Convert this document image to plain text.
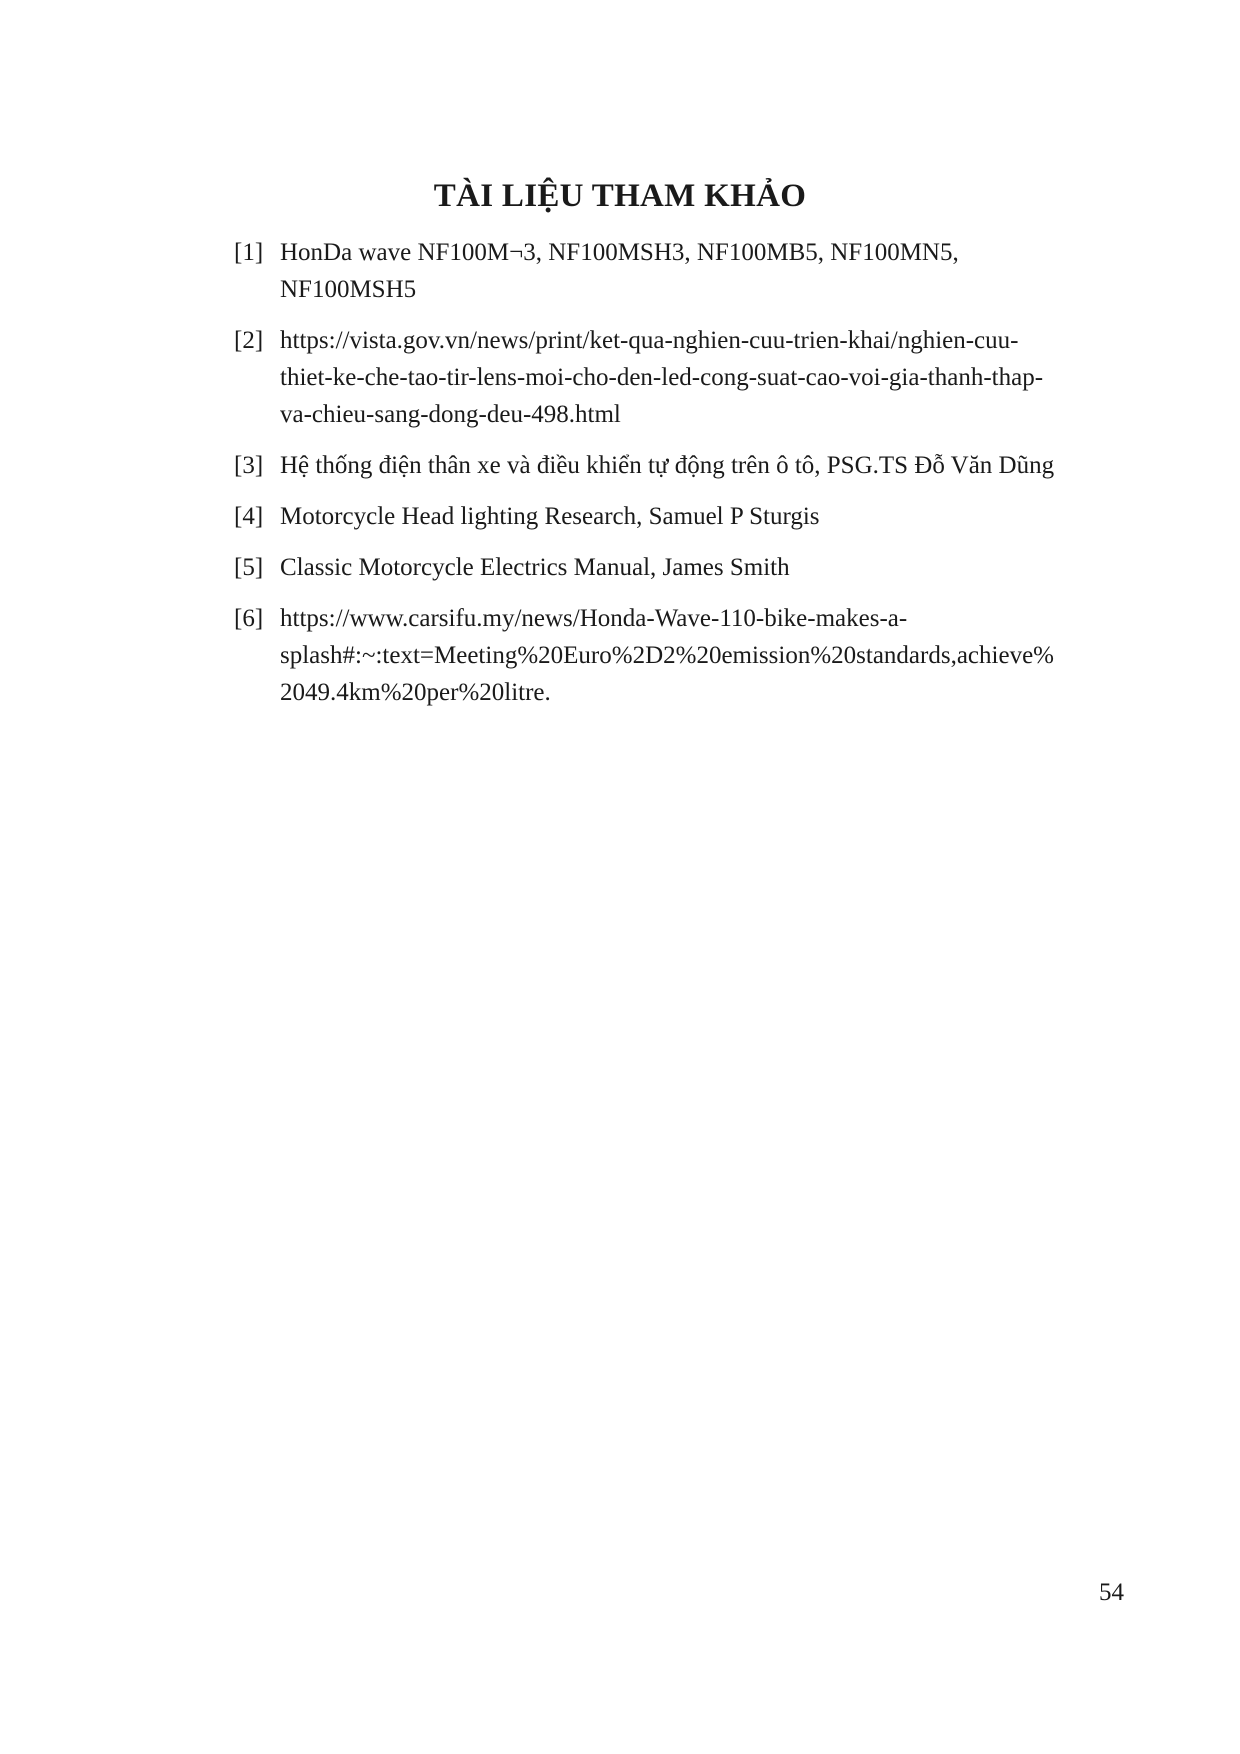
TÀI LIỆU THAM KHẢO
[1] HonDa wave NF100M¬3, NF100MSH3, NF100MB5, NF100MN5,
NF100MSH5
[2] https://vista.gov.vn/news/print/ket-qua-nghien-cuu-trien-khai/nghien-cuu-
thiet-ke-che-tao-tir-lens-moi-cho-den-led-cong-suat-cao-voi-gia-thanh-thap-
va-chieu-sang-dong-deu-498.html
[3] Hệ thống điện thân xe và điều khiển tự động trên ô tô, PSG.TS Đỗ Văn Dũng
[4] Motorcycle Head lighting Research, Samuel P Sturgis
[5] Classic Motorcycle Electrics Manual, James Smith
[6] https://www.carsifu.my/news/Honda-Wave-110-bike-makes-a-
splash#:~:text=Meeting%20Euro%2D2%20emission%20standards,achieve%
2049.4km%20per%20litre.
54
